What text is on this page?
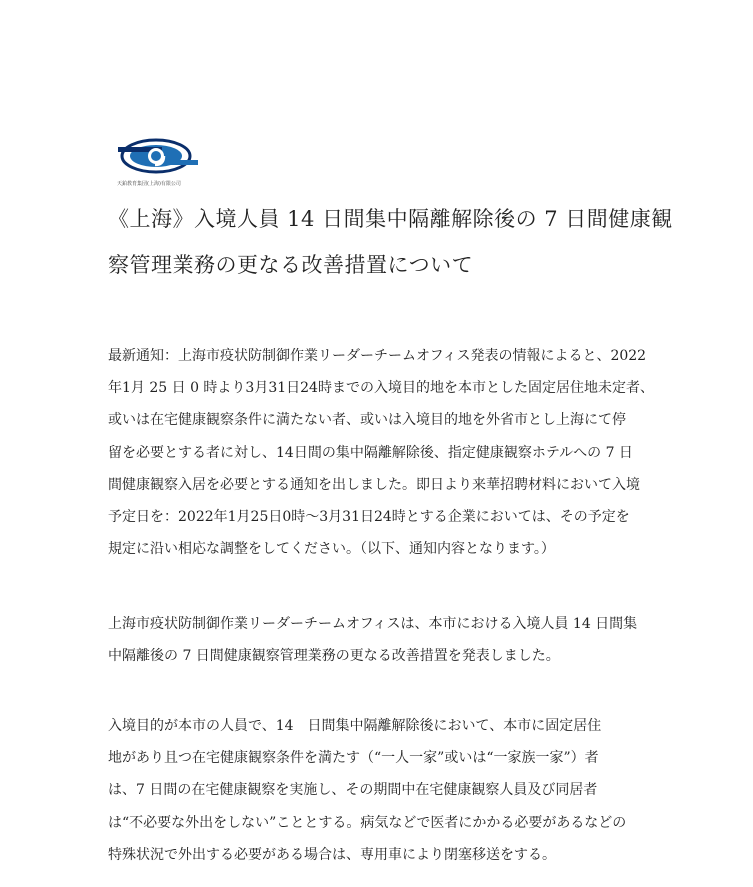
天鉑教育集団(上海)有限公司
《上海》入境人員 14 日間集中隔離解除後の 7 日間健康観
察管理業務の更なる改善措置について

最新通知：上海市疫状防制御作業リーダーチームオフィス発表の情報によると、2022
年1月 25 日 0 時より3月31日24時までの入境目的地を本市とした固定居住地未定者、
或いは在宅健康観察条件に満たない者、或いは入境目的地を外省市とし上海にて停
留を必要とする者に対し、14日間の集中隔離解除後、指定健康観察ホテルへの 7 日
間健康観察入居を必要とする通知を出しました。即日より来華招聘材料において入境
予定日を：2022年1月25日0時～3月31日24時とする企業においては、その予定を
規定に沿い相応な調整をしてください。（以下、通知内容となります。）

上海市疫状防制御作業リーダーチームオフィスは、本市における入境人員 14 日間集
中隔離後の 7 日間健康観察管理業務の更なる改善措置を発表しました。

入境目的が本市の人員で、14　日間集中隔離解除後において、本市に固定居住
地があり且つ在宅健康観察条件を満たす（“一人一家”或いは“一家族一家”）者
は、7 日間の在宅健康観察を実施し、その期間中在宅健康観察人員及び同居者
は“不必要な外出をしない”こととする。病気などで医者にかかる必要があるなどの
特殊状況で外出する必要がある場合は、専用車により閉塞移送をする。
